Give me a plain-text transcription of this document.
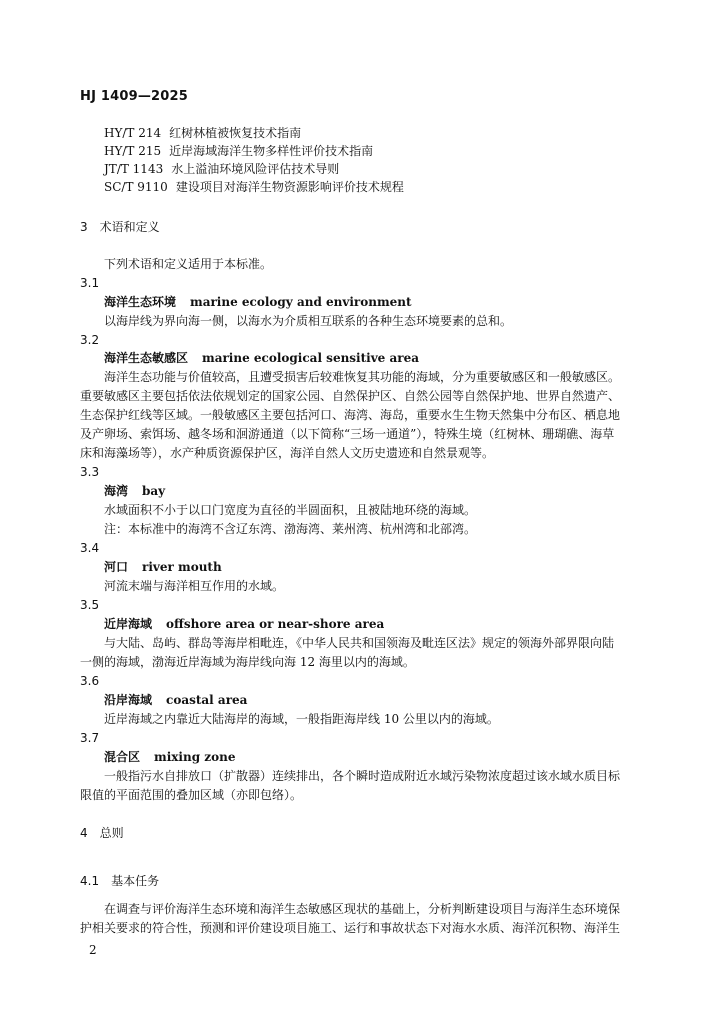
HJ 1409—2025
HY/T 214 红树林植被恢复技术指南
HY/T 215 近岸海域海洋生物多样性评价技术指南
JT/T 1143 水上溢油环境风险评估技术导则
SC/T 9110 建设项目对海洋生物资源影响评价技术规程
3 术语和定义
下列术语和定义适用于本标准。
3.1
海洋生态环境 marine ecology and environment
以海岸线为界向海一侧，以海水为介质相互联系的各种生态环境要素的总和。
3.2
海洋生态敏感区 marine ecological sensitive area
海洋生态功能与价值较高，且遭受损害后较难恢复其功能的海域，分为重要敏感区和一般敏感区。
重要敏感区主要包括依法依规划定的国家公园、自然保护区、自然公园等自然保护地、世界自然遗产、
生态保护红线等区域。一般敏感区主要包括河口、海湾、海岛，重要水生生物天然集中分布区、栖息地
及产卵场、索饵场、越冬场和洄游通道（以下简称“三场一通道”），特殊生境（红树林、珊瑚礁、海草
床和海藻场等），水产种质资源保护区，海洋自然人文历史遗迹和自然景观等。
3.3
海湾 bay
水域面积不小于以口门宽度为直径的半圆面积，且被陆地环绕的海域。
注：本标准中的海湾不含辽东湾、渤海湾、莱州湾、杭州湾和北部湾。
3.4
河口 river mouth
河流末端与海洋相互作用的水域。
3.5
近岸海域 offshore area or near-shore area
与大陆、岛屿、群岛等海岸相毗连，《中华人民共和国领海及毗连区法》规定的领海外部界限向陆
一侧的海域，渤海近岸海域为海岸线向海 12 海里以内的海域。
3.6
沿岸海域 coastal area
近岸海域之内靠近大陆海岸的海域，一般指距海岸线 10 公里以内的海域。
3.7
混合区 mixing zone
一般指污水自排放口（扩散器）连续排出，各个瞬时造成附近水域污染物浓度超过该水域水质目标
限值的平面范围的叠加区域（亦即包络）。
4 总则
4.1 基本任务
在调查与评价海洋生态环境和海洋生态敏感区现状的基础上，分析判断建设项目与海洋生态环境保
护相关要求的符合性，预测和评价建设项目施工、运行和事故状态下对海水水质、海洋沉积物、海洋生
2
